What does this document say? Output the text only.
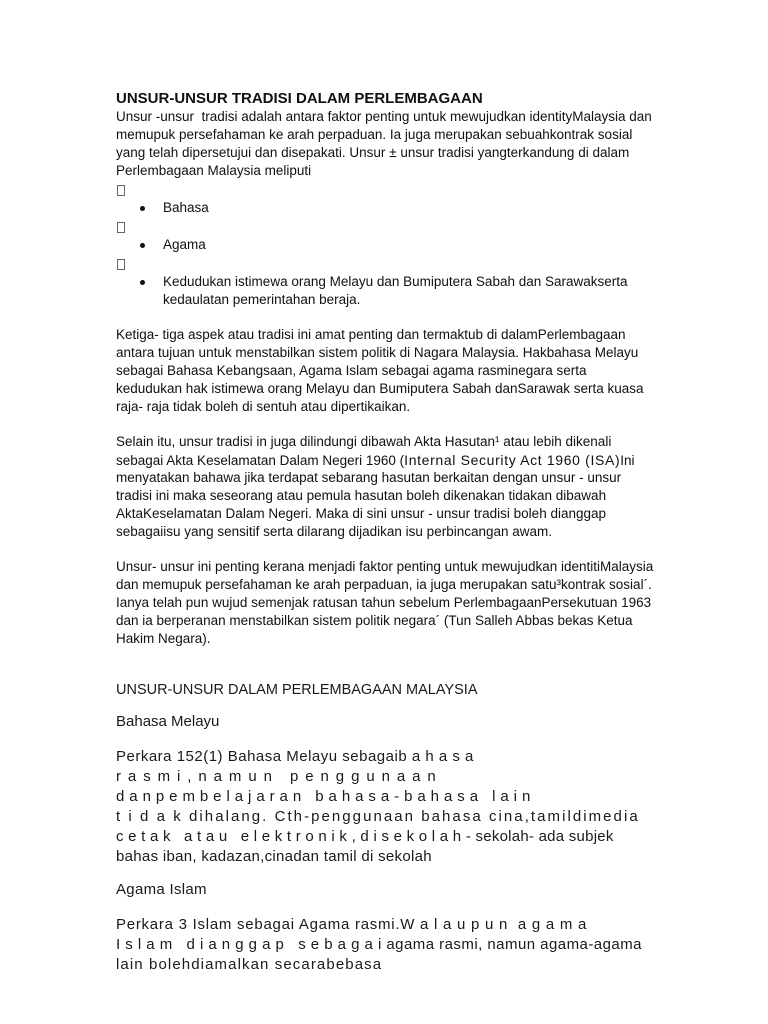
UNSUR-UNSUR TRADISI DALAM PERLEMBAGAAN
Unsur -unsur  tradisi adalah antara faktor penting untuk mewujudkan identityMalaysia dan
memupuk persefahaman ke arah perpaduan. Ia juga merupakan sebuahkontrak sosial
yang telah dipersetujui dan disepakati. Unsur ± unsur tradisi yangterkandung di dalam
Perlembagaan Malaysia meliputi
Bahasa
Agama
Kedudukan istimewa orang Melayu dan Bumiputera Sabah dan Sarawakserta
kedaulatan pemerintahan beraja.
Ketiga- tiga aspek atau tradisi ini amat penting dan termaktub di dalamPerlembagaan
antara tujuan untuk menstabilkan sistem politik di Nagara Malaysia. Hakbahasa Melayu
sebagai Bahasa Kebangsaan, Agama Islam sebagai agama rasminegara serta
kedudukan hak istimewa orang Melayu dan Bumiputera Sabah danSarawak serta kuasa
raja- raja tidak boleh di sentuh atau dipertikaikan.
Selain itu, unsur tradisi in juga dilindungi dibawah Akta Hasutan¹ atau lebih dikenali
sebagai Akta Keselamatan Dalam Negeri 1960 (Internal Security Act 1960 (ISA)Ini
menyatakan bahawa jika terdapat sebarang hasutan berkaitan dengan unsur - unsur
tradisi ini maka seseorang atau pemula hasutan boleh dikenakan tidakan dibawah
AktaKeselamatan Dalam Negeri. Maka di sini unsur - unsur tradisi boleh dianggap
sebagaiisu yang sensitif serta dilarang dijadikan isu perbincangan awam.
Unsur- unsur ini penting kerana menjadi faktor penting untuk mewujudkan identitiMalaysia
dan memupuk persefahaman ke arah perpaduan, ia juga merupakan satu³kontrak sosial´.
Ianya telah pun wujud semenjak ratusan tahun sebelum PerlembagaanPersekutuan 1963
dan ia berperanan menstabilkan sistem politik negara´ (Tun Salleh Abbas bekas Ketua
Hakim Negara).
UNSUR-UNSUR DALAM PERLEMBAGAAN MALAYSIA
Bahasa Melayu
Perkara 152(1) Bahasa Melayu sebagaib a h a s a
r a s m i , n a m u n   p e n g g u n a a n
d a n p e m b e l a j a r a n   b a h a s a - b a h a s a   l a i n
t i d a k dihalang. Cth-penggunaan bahasa cina,tamildimedia
c e t a k   a t a u   e l e k t r o n i k , d i s e k o l a h - sekolah- ada subjek
bahas iban, kadazan,cinadan tamil di sekolah
Agama Islam
Perkara 3 Islam sebagai Agama rasmi.W a l a u p u n  a g a m a
I s l a m   d i a n g g a p   s e b a g a i agama rasmi, namun agama-agama
lain bolehdiamalkan secarabebasa
